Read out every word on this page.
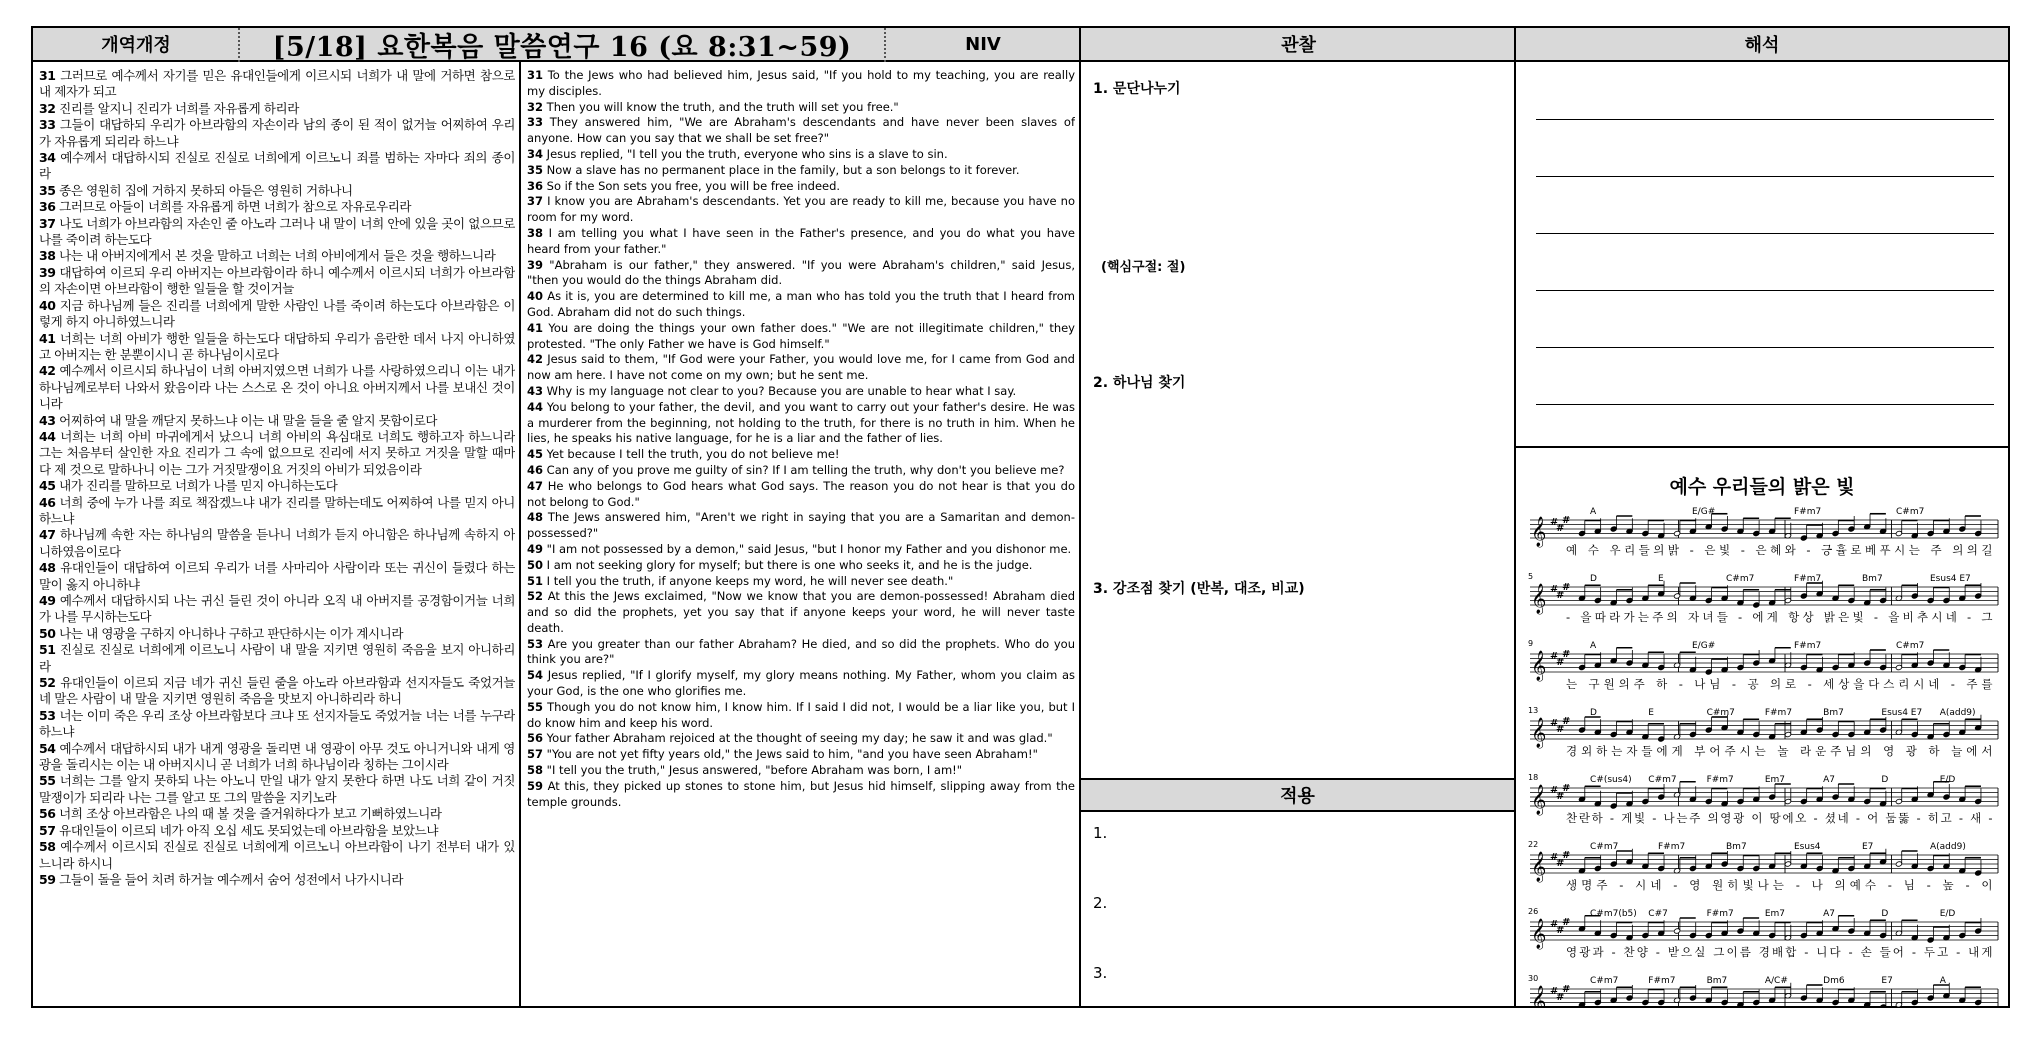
개역개정	[5/18] 요한복음 말씀연구 16 (요 8:31~59)	NIV	관찰	해석

31 그러므로 예수께서 자기를 믿은 유대인들에게 이르시되 너희가 내 말에 거하면 참으로 내 제자가 되고
32 진리를 알지니 진리가 너희를 자유롭게 하리라
33 그들이 대답하되 우리가 아브라함의 자손이라 남의 종이 된 적이 없거늘 어찌하여 우리가 자유롭게 되리라 하느냐
34 예수께서 대답하시되 진실로 진실로 너희에게 이르노니 죄를 범하는 자마다 죄의 종이라
35 종은 영원히 집에 거하지 못하되 아들은 영원히 거하나니
36 그러므로 아들이 너희를 자유롭게 하면 너희가 참으로 자유로우리라
37 나도 너희가 아브라함의 자손인 줄 아노라 그러나 내 말이 너희 안에 있을 곳이 없으므로 나를 죽이려 하는도다
38 나는 내 아버지에게서 본 것을 말하고 너희는 너희 아비에게서 들은 것을 행하느니라
39 대답하여 이르되 우리 아버지는 아브라함이라 하니 예수께서 이르시되 너희가 아브라함의 자손이면 아브라함이 행한 일들을 할 것이거늘
40 지금 하나님께 들은 진리를 너희에게 말한 사람인 나를 죽이려 하는도다 아브라함은 이렇게 하지 아니하였느니라
41 너희는 너희 아비가 행한 일들을 하는도다 대답하되 우리가 음란한 데서 나지 아니하였고 아버지는 한 분뿐이시니 곧 하나님이시로다
42 예수께서 이르시되 하나님이 너희 아버지였으면 너희가 나를 사랑하였으리니 이는 내가 하나님께로부터 나와서 왔음이라 나는 스스로 온 것이 아니요 아버지께서 나를 보내신 것이니라
43 어찌하여 내 말을 깨닫지 못하느냐 이는 내 말을 들을 줄 알지 못함이로다
44 너희는 너희 아비 마귀에게서 났으니 너희 아비의 욕심대로 너희도 행하고자 하느니라 그는 처음부터 살인한 자요 진리가 그 속에 없으므로 진리에 서지 못하고 거짓을 말할 때마다 제 것으로 말하나니 이는 그가 거짓말쟁이요 거짓의 아비가 되었음이라
45 내가 진리를 말하므로 너희가 나를 믿지 아니하는도다
46 너희 중에 누가 나를 죄로 책잡겠느냐 내가 진리를 말하는데도 어찌하여 나를 믿지 아니하느냐
47 하나님께 속한 자는 하나님의 말씀을 듣나니 너희가 듣지 아니함은 하나님께 속하지 아니하였음이로다
48 유대인들이 대답하여 이르되 우리가 너를 사마리아 사람이라 또는 귀신이 들렸다 하는 말이 옳지 아니하냐
49 예수께서 대답하시되 나는 귀신 들린 것이 아니라 오직 내 아버지를 공경함이거늘 너희가 나를 무시하는도다
50 나는 내 영광을 구하지 아니하나 구하고 판단하시는 이가 계시니라
51 진실로 진실로 너희에게 이르노니 사람이 내 말을 지키면 영원히 죽음을 보지 아니하리라
52 유대인들이 이르되 지금 네가 귀신 들린 줄을 아노라 아브라함과 선지자들도 죽었거늘 네 말은 사람이 내 말을 지키면 영원히 죽음을 맛보지 아니하리라 하니
53 너는 이미 죽은 우리 조상 아브라함보다 크냐 또 선지자들도 죽었거늘 너는 너를 누구라 하느냐
54 예수께서 대답하시되 내가 내게 영광을 돌리면 내 영광이 아무 것도 아니거니와 내게 영광을 돌리시는 이는 내 아버지시니 곧 너희가 너희 하나님이라 칭하는 그이시라
55 너희는 그를 알지 못하되 나는 아노니 만일 내가 알지 못한다 하면 나도 너희 같이 거짓말쟁이가 되리라 나는 그를 알고 또 그의 말씀을 지키노라
56 너희 조상 아브라함은 나의 때 볼 것을 즐거워하다가 보고 기뻐하였느니라
57 유대인들이 이르되 네가 아직 오십 세도 못되었는데 아브라함을 보았느냐
58 예수께서 이르시되 진실로 진실로 너희에게 이르노니 아브라함이 나기 전부터 내가 있느니라 하시니
59 그들이 돌을 들어 치려 하거늘 예수께서 숨어 성전에서 나가시니라

31 To the Jews who had believed him, Jesus said, "If you hold to my teaching, you are really my disciples.
32 Then you will know the truth, and the truth will set you free."
33 They answered him, "We are Abraham's descendants and have never been slaves of anyone. How can you say that we shall be set free?"
34 Jesus replied, "I tell you the truth, everyone who sins is a slave to sin.
35 Now a slave has no permanent place in the family, but a son belongs to it forever.
36 So if the Son sets you free, you will be free indeed.
37 I know you are Abraham's descendants. Yet you are ready to kill me, because you have no room for my word.
38 I am telling you what I have seen in the Father's presence, and you do what you have heard from your father."
39 "Abraham is our father," they answered. "If you were Abraham's children," said Jesus, "then you would do the things Abraham did.
40 As it is, you are determined to kill me, a man who has told you the truth that I heard from God. Abraham did not do such things.
41 You are doing the things your own father does." "We are not illegitimate children," they protested. "The only Father we have is God himself."
42 Jesus said to them, "If God were your Father, you would love me, for I came from God and now am here. I have not come on my own; but he sent me.
43 Why is my language not clear to you? Because you are unable to hear what I say.
44 You belong to your father, the devil, and you want to carry out your father's desire. He was a murderer from the beginning, not holding to the truth, for there is no truth in him. When he lies, he speaks his native language, for he is a liar and the father of lies.
45 Yet because I tell the truth, you do not believe me!
46 Can any of you prove me guilty of sin? If I am telling the truth, why don't you believe me?
47 He who belongs to God hears what God says. The reason you do not hear is that you do not belong to God."
48 The Jews answered him, "Aren't we right in saying that you are a Samaritan and demon-possessed?"
49 "I am not possessed by a demon," said Jesus, "but I honor my Father and you dishonor me.
50 I am not seeking glory for myself; but there is one who seeks it, and he is the judge.
51 I tell you the truth, if anyone keeps my word, he will never see death."
52 At this the Jews exclaimed, "Now we know that you are demon-possessed! Abraham died and so did the prophets, yet you say that if anyone keeps your word, he will never taste death.
53 Are you greater than our father Abraham? He died, and so did the prophets. Who do you think you are?"
54 Jesus replied, "If I glorify myself, my glory means nothing. My Father, whom you claim as your God, is the one who glorifies me.
55 Though you do not know him, I know him. If I said I did not, I would be a liar like you, but I do know him and keep his word.
56 Your father Abraham rejoiced at the thought of seeing my day; he saw it and was glad."
57 "You are not yet fifty years old," the Jews said to him, "and you have seen Abraham!"
58 "I tell you the truth," Jesus answered, "before Abraham was born, I am!"
59 At this, they picked up stones to stone him, but Jesus hid himself, slipping away from the temple grounds.

1. 문단나누기
(핵심구절: 절)
2. 하나님 찾기
3. 강조점 찾기 (반복, 대조, 비교)
적용
1.
2.
3.
예수 우리들의 밝은 빛
A	E/G#	F#m7	C#m7
𝄞 #
#
#
예 수 우리들의밝 - 은빛 - 은혜와 - 긍휼로베푸시는 주 의의길
5	D	E	C#m7	F#m7	Bm7	Esus4 E7
𝄞 #
#
#
- 을따라가는주의 자녀들 - 에게 항상 밝은빛 - 을비추시네 - 그
9	A	E/G#	F#m7	C#m7
𝄞 #
#
#
는 구원의주 하 - 나님 - 공 의로 - 세상을다스리시네 - 주를
13	D	E	C#m7	F#m7	Bm7	Esus4 E7 A(add9)
𝄞 #
#
#
경외하는자들에게 부어주시는 놀 라운주님의 영 광 하 늘에서
18	C#(sus4) C#m7	F#m7	Em7	A7	D	E/D
𝄞 #
#
#
찬란하 - 게빛 - 나는주 의영광 이 땅에오 - 셨네 - 어 둠뚫 - 히고 - 새 -
22	C#m7	F#m7	Bm7	Esus4	E7	A(add9)
𝄞 #
#
#
생명주 - 시네 - 영 원히빛나는 - 나 의예수 - 님 - 높 - 이
26	C#m7(b5) C#7	F#m7	Em7	A7	D	E/D
𝄞 #
#
#
영광과 - 찬양 - 받으실 그이름 경배합 - 니다 - 손 들어 - 두고 - 내게
30	C#m7	F#m7	Bm7	A/C#	Dm6	E7	A
𝄞 #
#
#
자유주 - 시네 - 기 쁨의노래를 - 영 원한나의빛 - 예수 - 께 -
